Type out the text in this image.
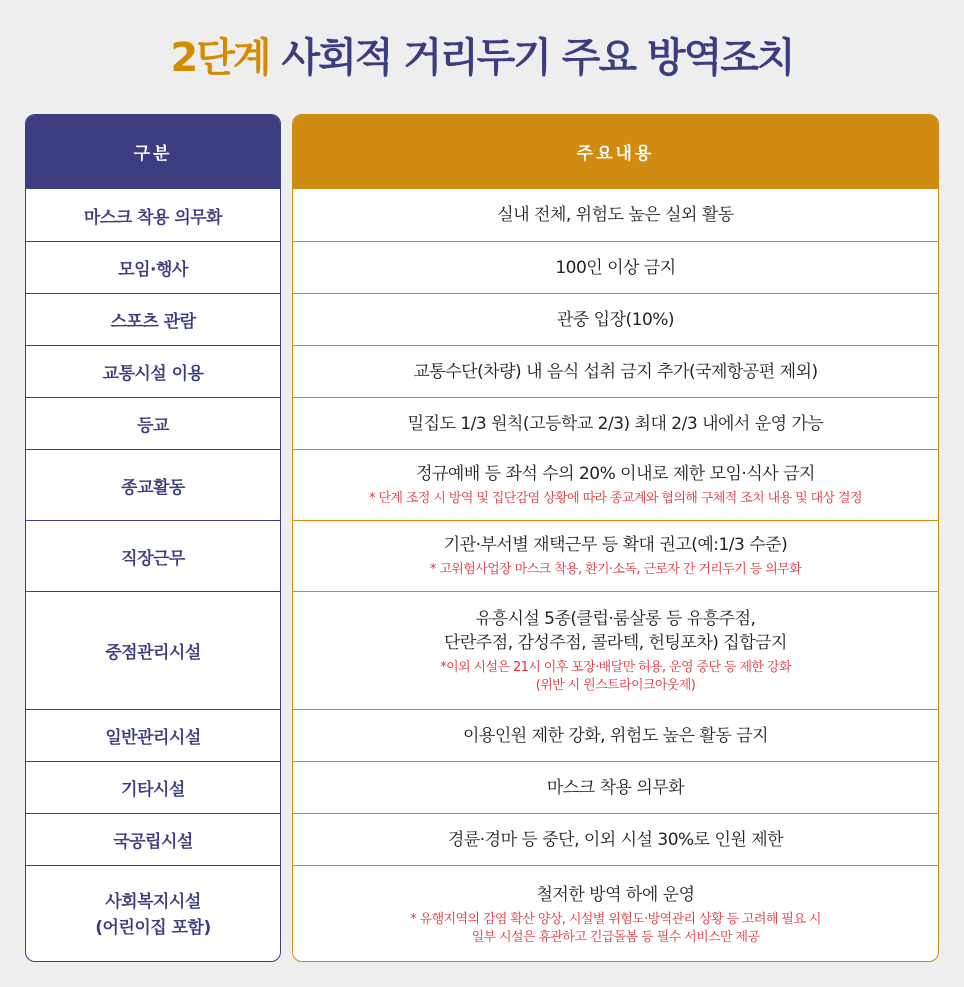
2단계 사회적 거리두기 주요 방역조치
구분
마스크 착용 의무화
모임·행사
스포츠 관람
교통시설 이용
등교
종교활동
직장근무
중점관리시설
일반관리시설
기타시설
국공립시설
사회복지시설
(어린이집 포함)
주요내용
실내 전체, 위험도 높은 실외 활동
100인 이상 금지
관중 입장(10%)
교통수단(차량) 내 음식 섭취 금지 추가(국제항공편 제외)
밀집도 1/3 원칙(고등학교 2/3) 최대 2/3 내에서 운영 가능
정규예배 등 좌석 수의 20% 이내로 제한 모임·식사 금지
* 단계 조정 시 방역 및 집단감염 상황에 따라 종교계와 협의해 구체적 조치 내용 및 대상 결정
기관·부서별 재택근무 등 확대 권고(예:1/3 수준)
* 고위험사업장 마스크 착용, 환기·소독, 근로자 간 거리두기 등 의무화
유흥시설 5종(클럽·룸살롱 등 유흥주점,
단란주점, 감성주점, 콜라텍, 헌팅포차) 집합금지
*이외 시설은 21시 이후 포장·배달만 허용, 운영 중단 등 제한 강화
(위반 시 원스트라이크아웃제)
이용인원 제한 강화, 위험도 높은 활동 금지
마스크 착용 의무화
경륜·경마 등 중단, 이외 시설 30%로 인원 제한
철저한 방역 하에 운영
* 유행지역의 감염 확산 양상, 시설별 위험도·방역관리 상황 등 고려해 필요 시
일부 시설은 휴관하고 긴급돌봄 등 필수 서비스만 제공
